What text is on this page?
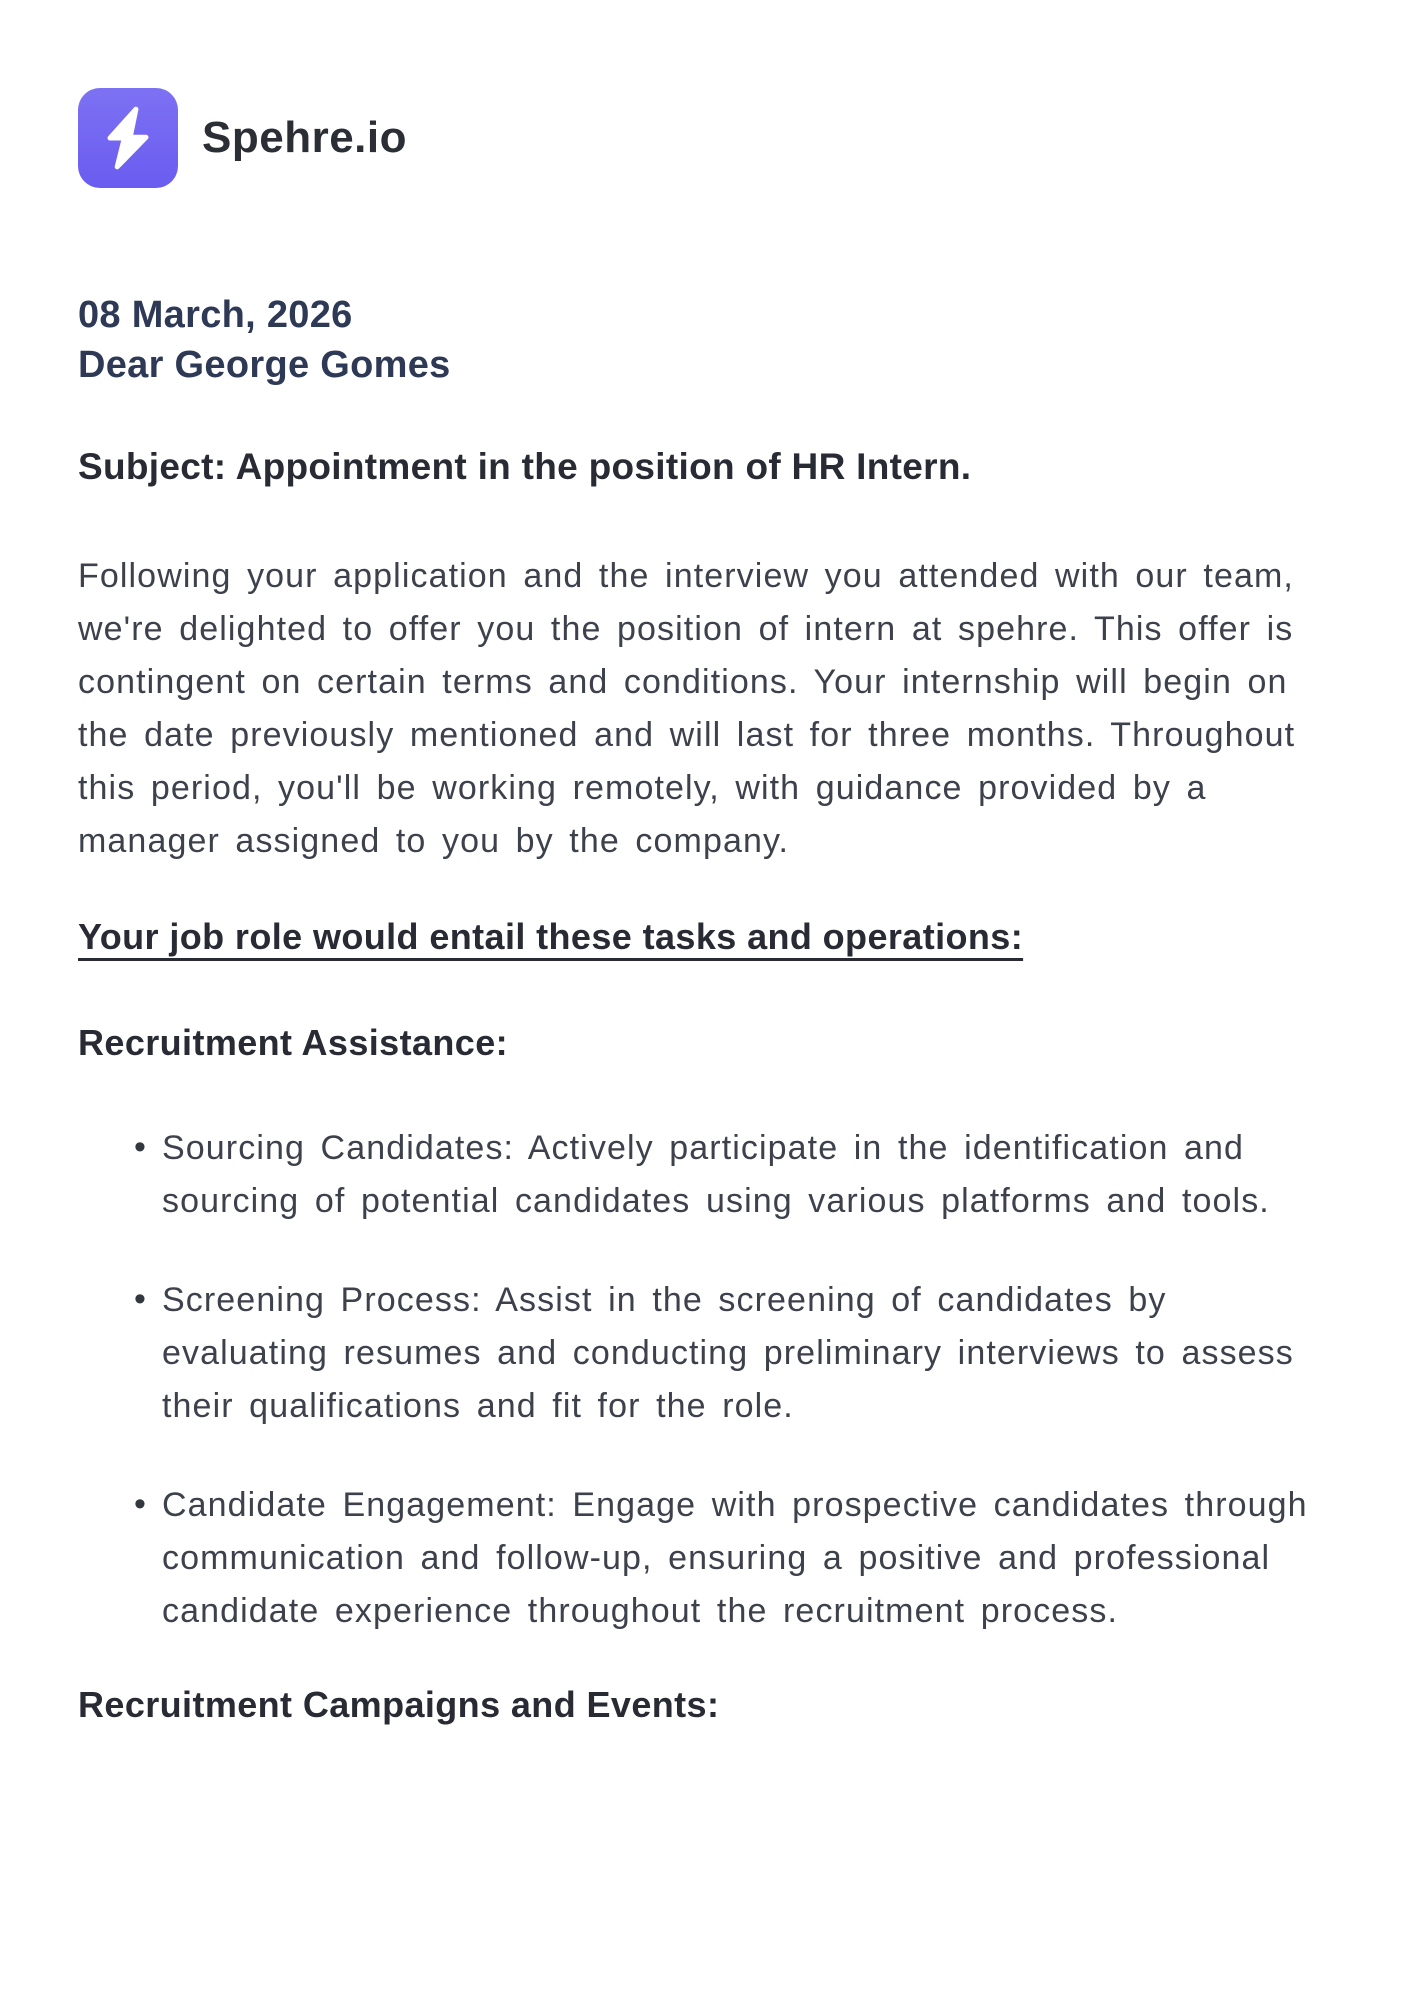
Spehre.io
08 March, 2026
Dear George Gomes
Subject: Appointment in the position of HR Intern.

Following your application and the interview you attended with our team, we're delighted to offer you the position of intern at spehre. This offer is contingent on certain terms and conditions. Your internship will begin on the date previously mentioned and will last for three months. Throughout this period, you'll be working remotely, with guidance provided by a manager assigned to you by the company.

Your job role would entail these tasks and operations:
Recruitment Assistance:
• Sourcing Candidates: Actively participate in the identification and sourcing of potential candidates using various platforms and tools.
• Screening Process: Assist in the screening of candidates by evaluating resumes and conducting preliminary interviews to assess their qualifications and fit for the role.
• Candidate Engagement: Engage with prospective candidates through communication and follow-up, ensuring a positive and professional candidate experience throughout the recruitment process.
Recruitment Campaigns and Events:
